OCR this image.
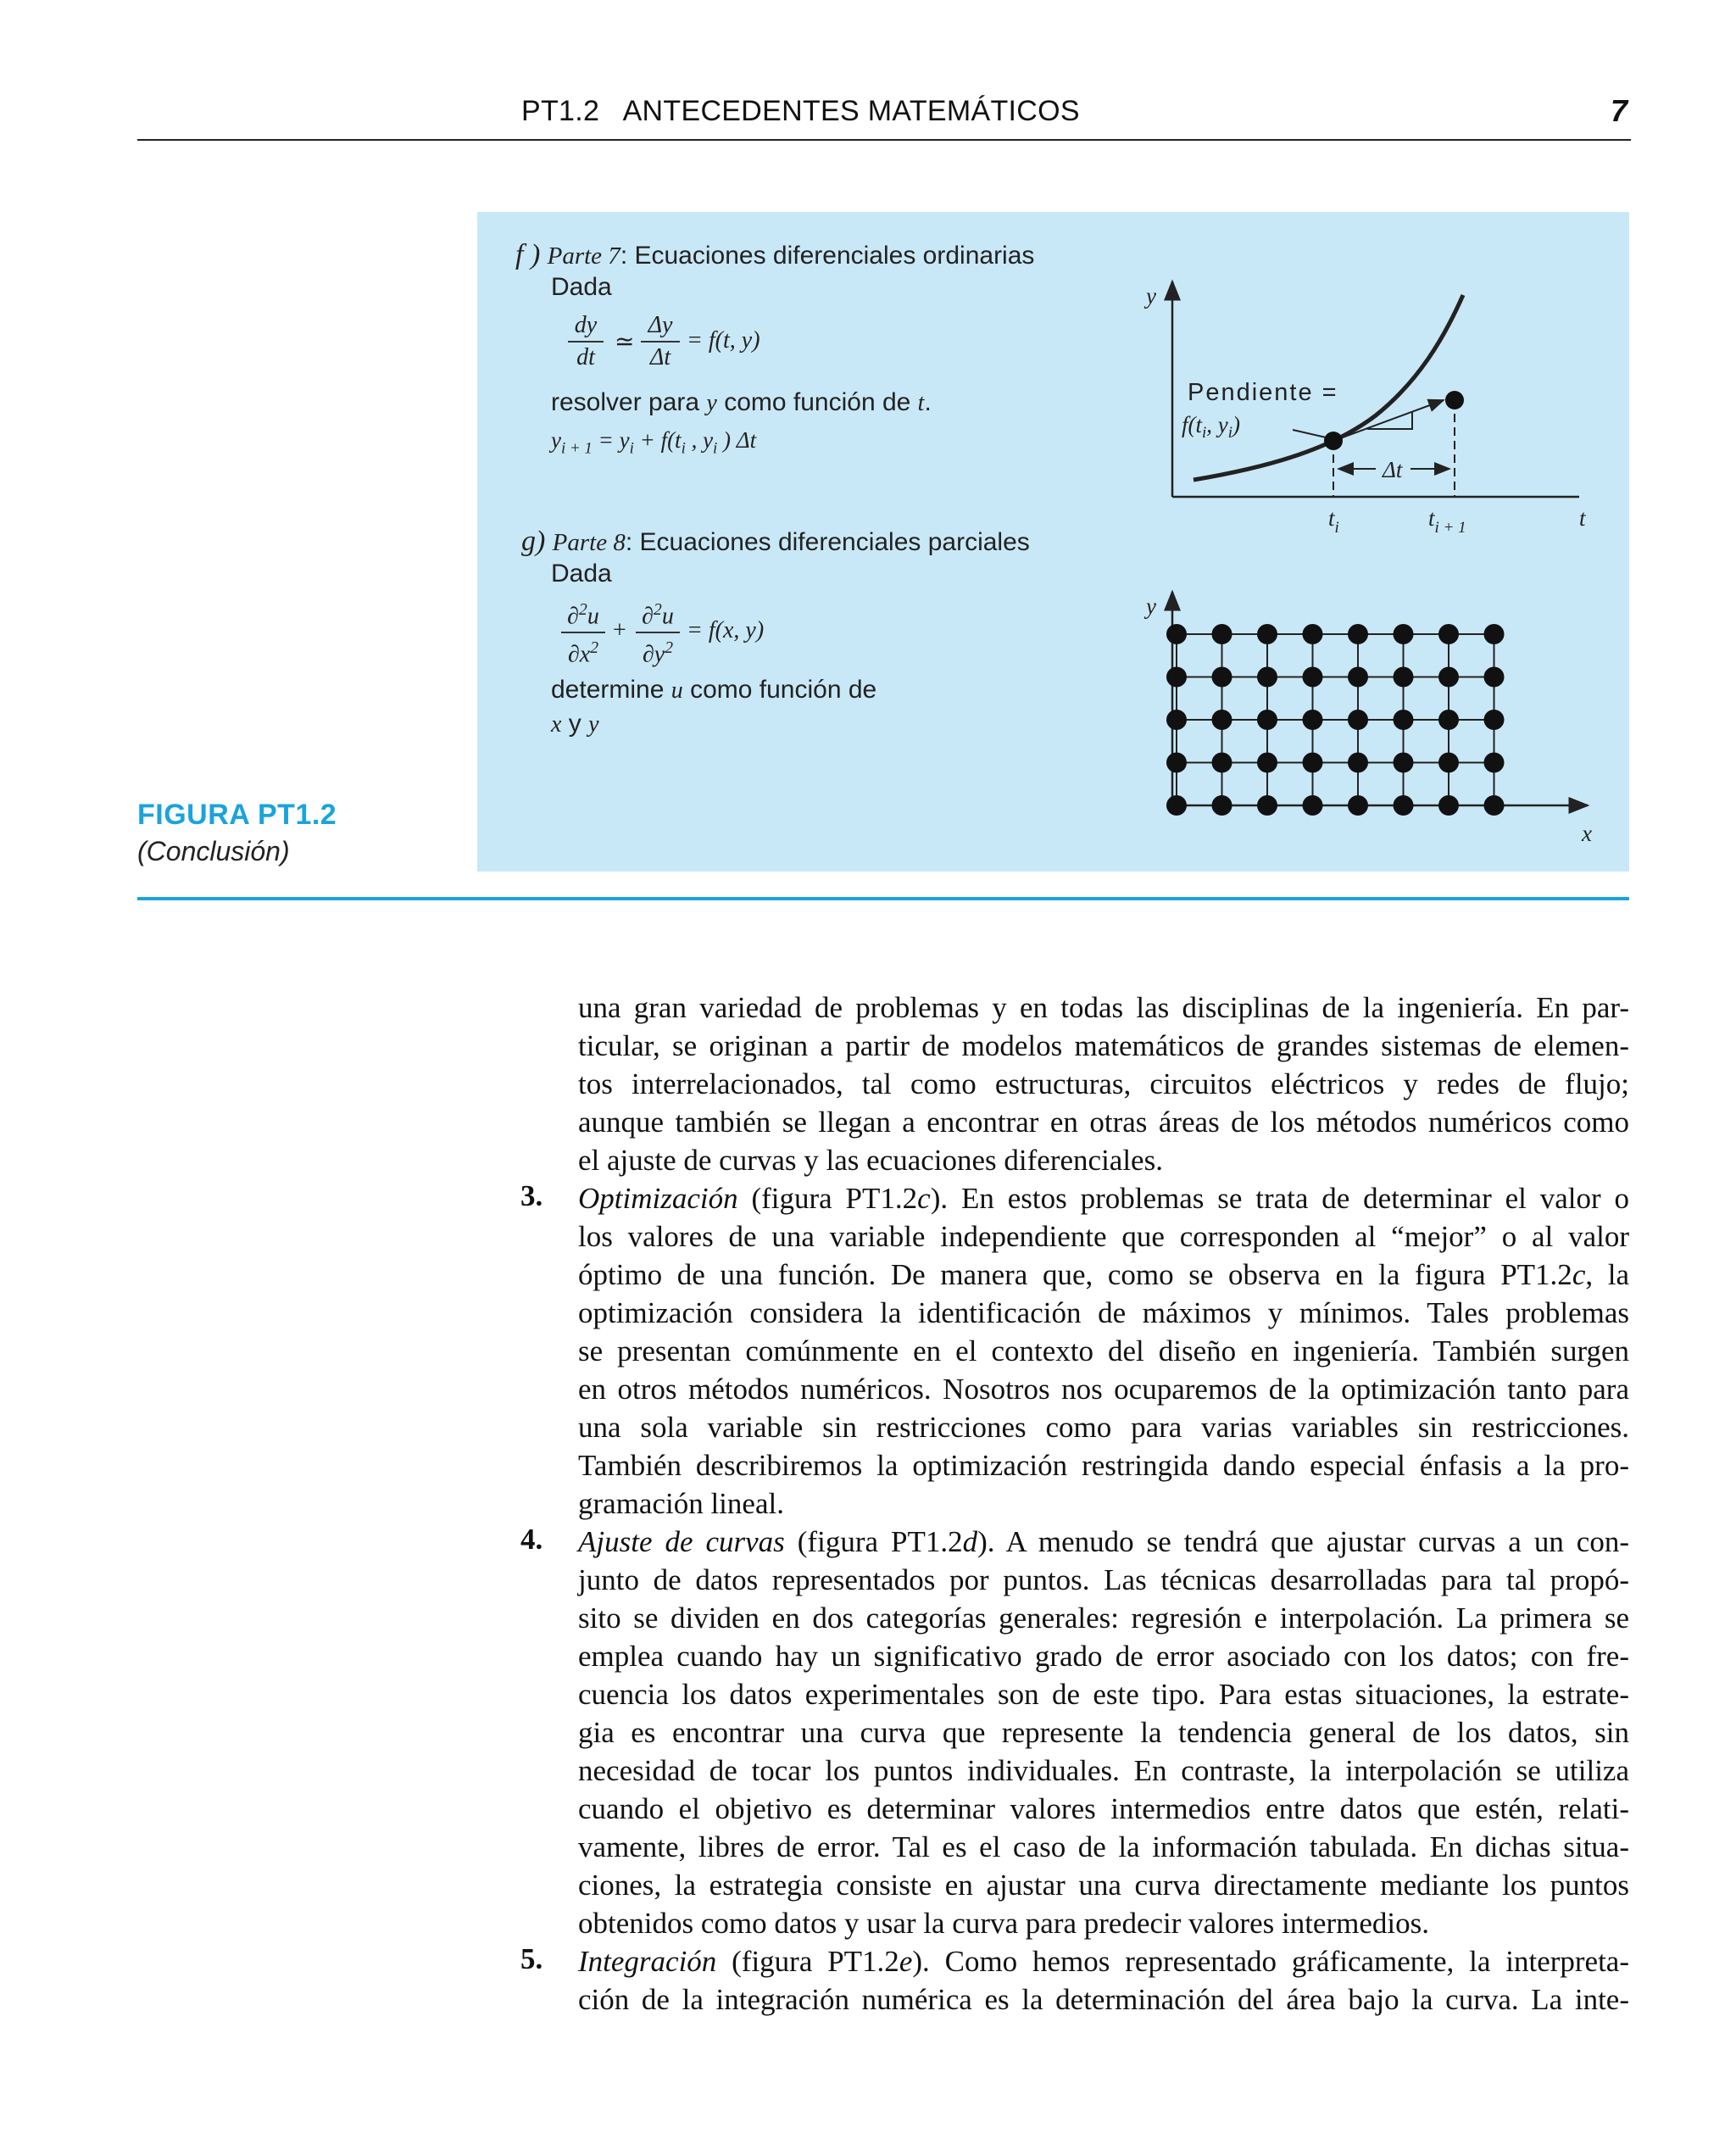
PT1.2   ANTECEDENTES MATEMÁTICOS	7
f ) Parte 7: Ecuaciones diferenciales ordinarias
Dada
$\frac{dy}{dt}$ ≃ $\frac{\Delta y}{\Delta t} = f(t$, y)
resolver para y como función de t.
$y_{i + 1} = y_i + f(t_i$ , $y_i$ ) Δt
g) Parte 8: Ecuaciones diferenciales parciales
Dada
$\frac{\partial^2u}{\partial x^2} + \frac{\partial^2u}{\partial y^2} = f(x$, y)
determine u como función de
x y y
y
t
Pendiente =
$f(t_i$, $y_i$)
Δt
$t_i$	$t_{i + 1}$
y
x
FIGURA PT1.2
(Conclusión)
una gran variedad de problemas y en todas las disciplinas de la ingeniería. En par-
ticular, se originan a partir de modelos matemáticos de grandes sistemas de elemen-
tos interrelacionados, tal como estructuras, circuitos eléctricos y redes de flujo;
aunque también se llegan a encontrar en otras áreas de los métodos numéricos como
el ajuste de curvas y las ecuaciones diferenciales.
3. Optimización (figura PT1.2c). En estos problemas se trata de determinar el valor o
los valores de una variable independiente que corresponden al “mejor” o al valor
óptimo de una función. De manera que, como se observa en la figura PT1.2c, la
optimización considera la identificación de máximos y mínimos. Tales problemas
se presentan comúnmente en el contexto del diseño en ingeniería. También surgen
en otros métodos numéricos. Nosotros nos ocuparemos de la optimización tanto para
una sola variable sin restricciones como para varias variables sin restricciones.
También describiremos la optimización restringida dando especial énfasis a la pro-
gramación lineal.
4. Ajuste de curvas (figura PT1.2d). A menudo se tendrá que ajustar curvas a un con-
junto de datos representados por puntos. Las técnicas desarrolladas para tal propó-
sito se dividen en dos categorías generales: regresión e interpolación. La primera se
emplea cuando hay un significativo grado de error asociado con los datos; con fre-
cuencia los datos experimentales son de este tipo. Para estas situaciones, la estrate-
gia es encontrar una curva que represente la tendencia general de los datos, sin
necesidad de tocar los puntos individuales. En contraste, la interpolación se utiliza
cuando el objetivo es determinar valores intermedios entre datos que estén, relati-
vamente, libres de error. Tal es el caso de la información tabulada. En dichas situa-
ciones, la estrategia consiste en ajustar una curva directamente mediante los puntos
obtenidos como datos y usar la curva para predecir valores intermedios.
5. Integración (figura PT1.2e). Como hemos representado gráficamente, la interpreta-
ción de la integración numérica es la determinación del área bajo la curva. La inte-
